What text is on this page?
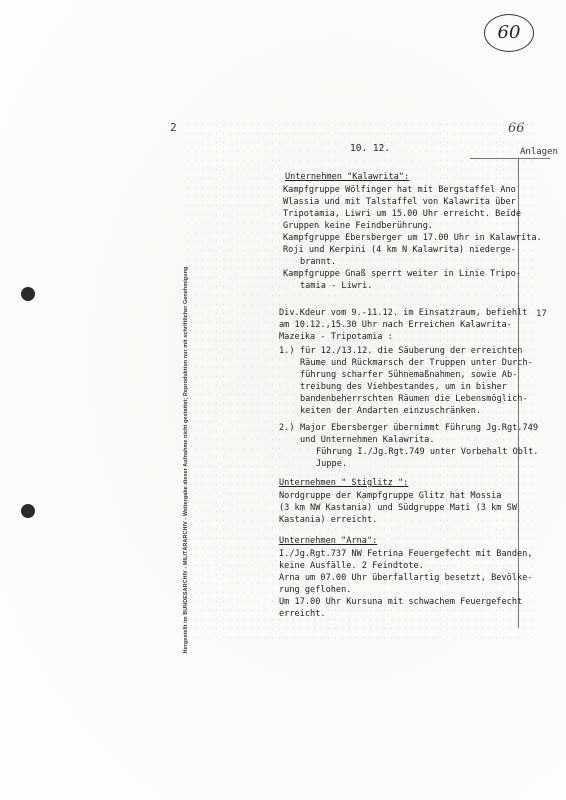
60
66
2
Anlagen
17
Hergestellt im BUNDESARCHIV - MILITÄRARCHIV - Weitergabe dieser Aufnahme nicht gestattet; Reproduktion nur mit schriftlicher Genehmigung
10. 12.
Unternehmen "Kalawrita":
Kampfgruppe Wölfinger hat mit Bergstaffel Ano
Wlassia und mit Talstaffel von Kalawrita über
Tripotamia, Liwri um 15.00 Uhr erreicht. Beide
Gruppen keine Feindberührung.
Kampfgruppe Ebersberger um 17.00 Uhr in Kalawrita.
Roji und Kerpini (4 km N Kalawrita) niederge-
brannt.
Kampfgruppe Gnaß sperrt weiter in Linie Tripo-
tamia - Liwri.
Div.Kdeur vom 9.-11.12. im Einsatzraum, befiehlt
am 10.12.,15.30 Uhr nach Erreichen Kalawrita-
Mazeika - Tripotamia :
1.) für 12./13.12. die Säuberung der erreichten
Räume und Rückmarsch der Truppen unter Durch-
führung scharfer Sühnemaßnahmen, sowie Ab-
treibung des Viehbestandes, um in bisher
bandenbeherrschten Räumen die Lebensmöglich-
keiten der Andarten einzuschränken.
2.) Major Ebersberger übernimmt Führung Jg.Rgt.749
und Unternehmen Kalawrita.
Führung I./Jg.Rgt.749 unter Vorbehalt Oblt.
Juppe.
Unternehmen " Stiglitz ":
Nordgruppe der Kampfgruppe Glitz hat Mossia
(3 km NW Kastania) und Südgruppe Mati (3 km SW
Kastania) erreicht.
Unternehmen "Arna":
I./Jg.Rgt.737 NW Fetrina Feuergefecht mit Banden,
keine Ausfälle. 2 Feindtote.
Arna um 07.00 Uhr überfallartig besetzt, Bevölke-
rung geflohen.
Um 17.00 Uhr Kursuna mit schwachem Feuergefecht
erreicht.
